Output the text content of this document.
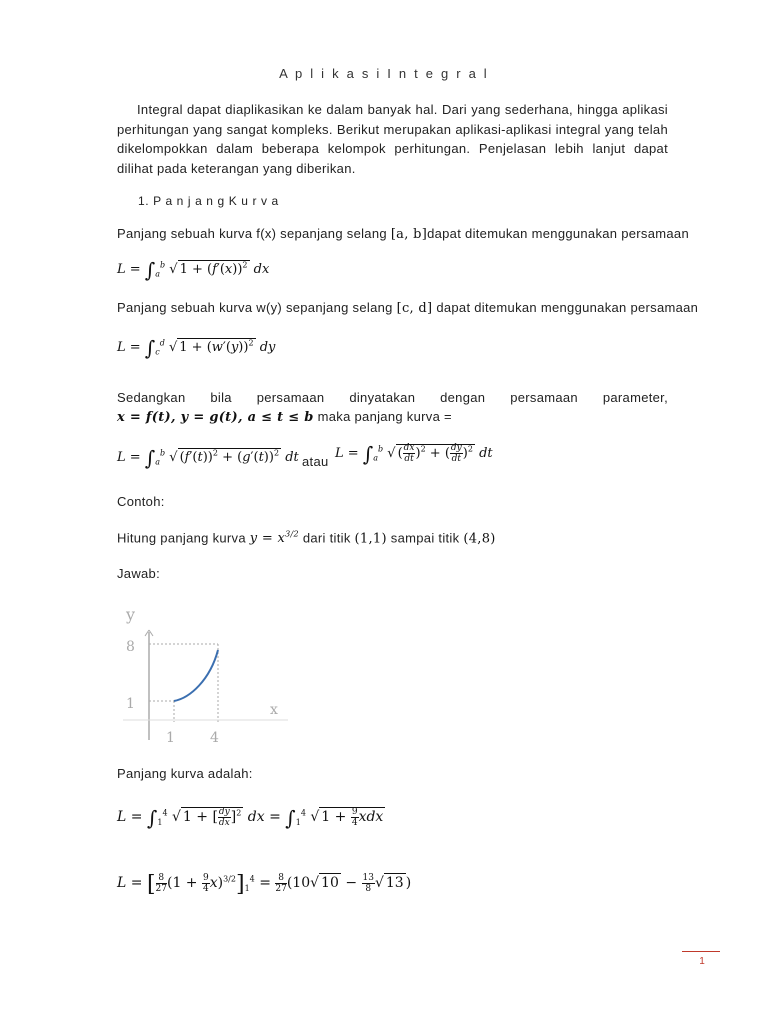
A p l i k a s i I n t e g r a l
Integral dapat diaplikasikan ke dalam banyak hal. Dari yang sederhana, hingga aplikasi perhitungan yang sangat kompleks. Berikut merupakan aplikasi-aplikasi integral yang telah dikelompokkan dalam beberapa kelompok perhitungan. Penjelasan lebih lanjut dapat dilihat pada keterangan yang diberikan.
1. P a n j a n g K u r v a
Panjang sebuah kurva f(x) sepanjang selang [a, b]dapat ditemukan menggunakan persamaan
$L = \int_a^b$ √ $1 + (f'(x))^2$ dx
Panjang sebuah kurva w(y) sepanjang selang [c, d] dapat ditemukan menggunakan persamaan
$L = \int_c^d$ √ $1 + (w'(y))^2$ dy
Sedangkan bila persamaan dinyatakan dengan persamaan parameter,
x = f(t), y = g(t), a ≤ t ≤ b maka panjang kurva =
$L = \int_a^b$ √ $(f'(t))^2 + (g'(t))^2$ dt atau
$L = \int_a^b$ √ ( $\frac{dx}{dt} )^2$ + ( $\frac{dy}{dt} )^2$ dt
Contoh:
Hitung panjang kurva $y = x^{3/2}$ dari titik (1,1) sampai titik (4,8)
Jawab:
y
8
1	x
1	4
Panjang kurva adalah:
$L = \int_1^4$ √ 1 + [ $\frac{dy}{dx} ]^2$ dx = $\int_1^4$ √ $1 + \frac{9}{4}$ xdx
L = [ $\frac{8}{27} (1 + \frac{9}{4} x)^{3/2}]_1^4 = \frac{8}{27} (10√$ $10 - \frac{13}{8}$ √ 13 )
1
